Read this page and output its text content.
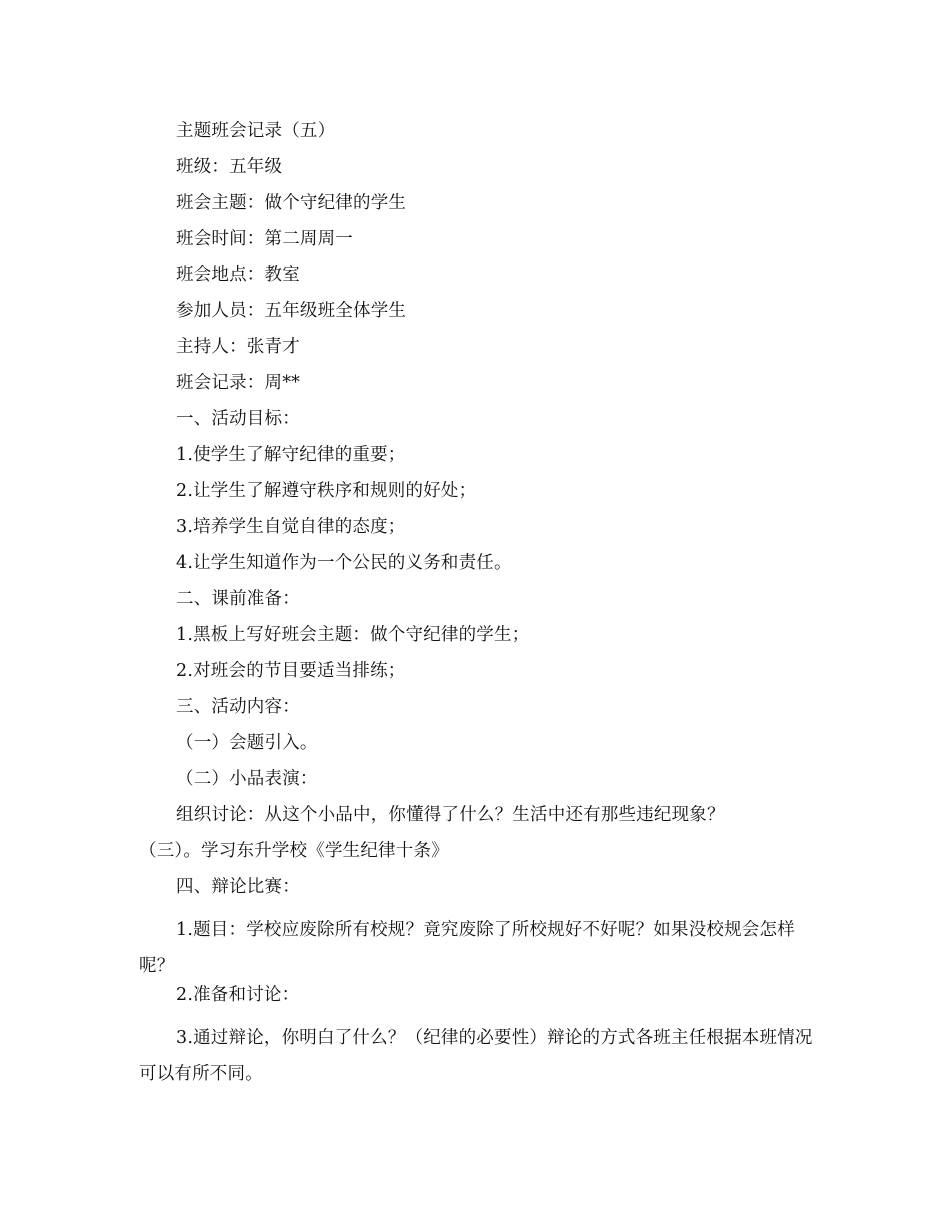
主题班会记录（五）
班级：五年级
班会主题：做个守纪律的学生
班会时间：第二周周一
班会地点：教室
参加人员：五年级班全体学生
主持人：张青才
班会记录：周**
一、活动目标：
1.使学生了解守纪律的重要；
2.让学生了解遵守秩序和规则的好处；
3.培养学生自觉自律的态度；
4.让学生知道作为一个公民的义务和责任。
二、课前准备：
1.黑板上写好班会主题：做个守纪律的学生；
2.对班会的节目要适当排练；
三、活动内容：
（一）会题引入。
（二）小品表演：
组织讨论：从这个小品中，你懂得了什么？生活中还有那些违纪现象？
（三）。学习东升学校《学生纪律十条》
四、辩论比赛：
1.题目：学校应废除所有校规？竟究废除了所校规好不好呢？如果没校规会怎样呢？
2.准备和讨论：
3.通过辩论，你明白了什么？（纪律的必要性）辩论的方式各班主任根据本班情况可以有所不同。
